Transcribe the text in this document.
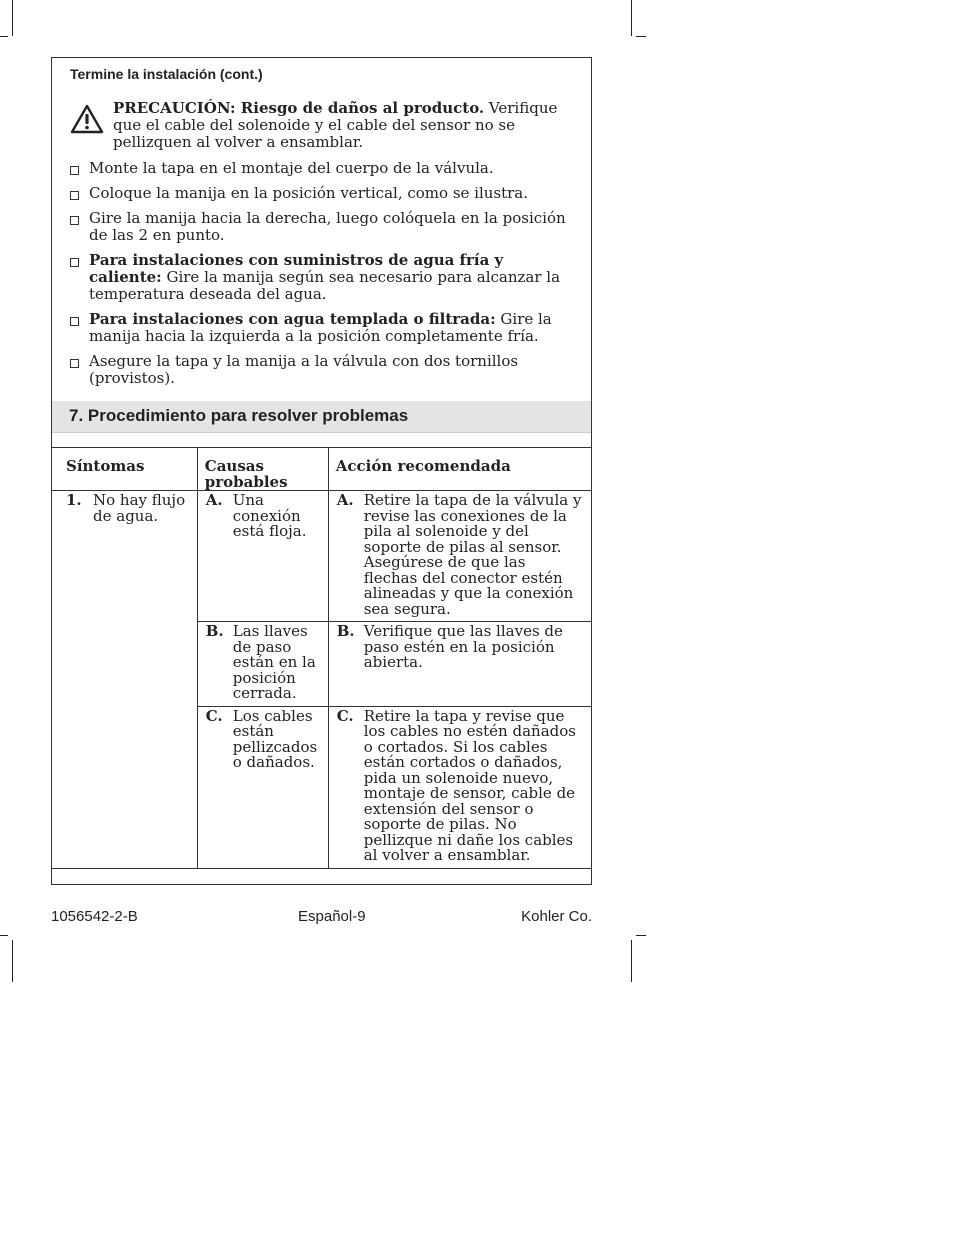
Termine la instalación (cont.)
PRECAUCIÓN: Riesgo de daños al producto. Verifique que el cable del solenoide y el cable del sensor no se pellizquen al volver a ensamblar.
Monte la tapa en el montaje del cuerpo de la válvula.
Coloque la manija en la posición vertical, como se ilustra.
Gire la manija hacia la derecha, luego colóquela en la posición de las 2 en punto.
Para instalaciones con suministros de agua fría y caliente: Gire la manija según sea necesario para alcanzar la temperatura deseada del agua.
Para instalaciones con agua templada o filtrada: Gire la manija hacia la izquierda a la posición completamente fría.
Asegure la tapa y la manija a la válvula con dos tornillos (provistos).
7. Procedimiento para resolver problemas
Síntomas	Causas probables	Acción recomendada

1. No hay flujo de agua.	A. Una conexión está floja.	A. Retire la tapa de la válvula y revise las conexiones de la pila al solenoide y del soporte de pilas al sensor. Asegúrese de que las flechas del conector estén alineadas y que la conexión sea segura.

	B. Las llaves de paso están en la posición cerrada.	B. Verifique que las llaves de paso estén en la posición abierta.

	C. Los cables están pellizcados o dañados.	C. Retire la tapa y revise que los cables no estén dañados o cortados. Si los cables están cortados o dañados, pida un solenoide nuevo, montaje de sensor, cable de extensión del sensor o soporte de pilas. No pellizque ni dañe los cables al volver a ensamblar.
1056542-2-B	Español-9	Kohler Co.
